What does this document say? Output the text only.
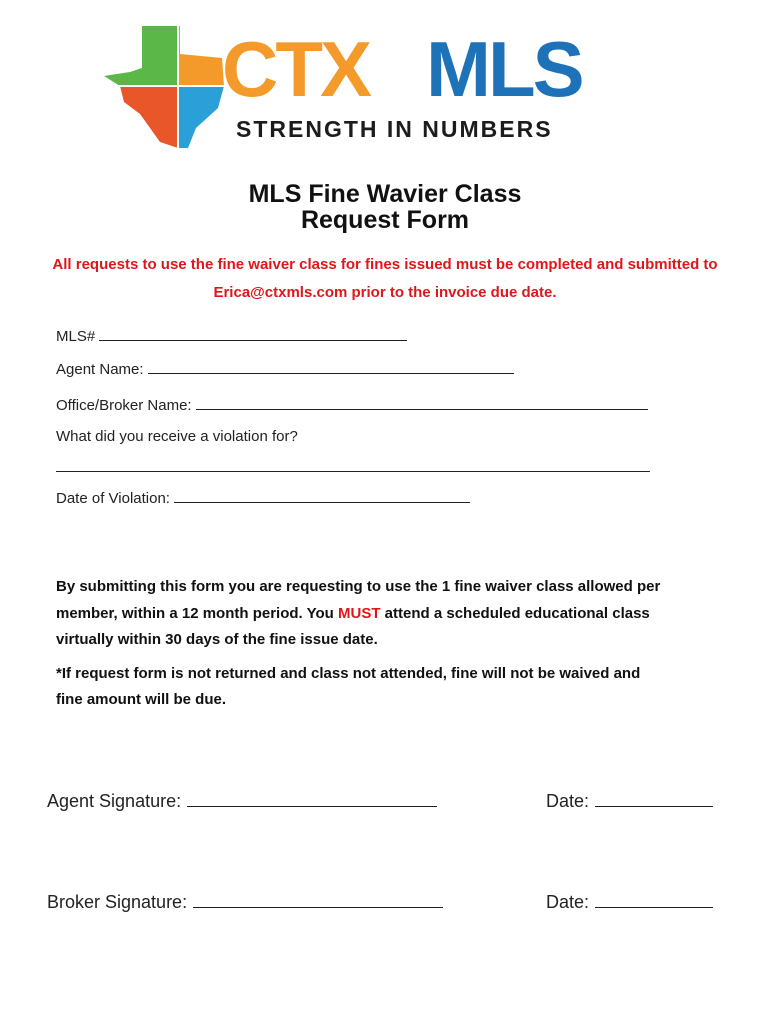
CTX MLS
STRENGTH IN NUMBERS
MLS Fine Wavier Class
Request Form
All requests to use the fine waiver class for fines issued must be completed and submitted to
Erica@ctxmls.com prior to the invoice due date.
MLS#
Agent Name:
Office/Broker Name:
What did you receive a violation for?
Date of Violation:
By submitting this form you are requesting to use the 1 fine waiver class allowed per
member, within a 12 month period. You MUST attend a scheduled educational class
virtually within 30 days of the fine issue date.
*If request form is not returned and class not attended, fine will not be waived and
fine amount will be due.
Agent Signature:	Date:
Broker Signature:	Date:
